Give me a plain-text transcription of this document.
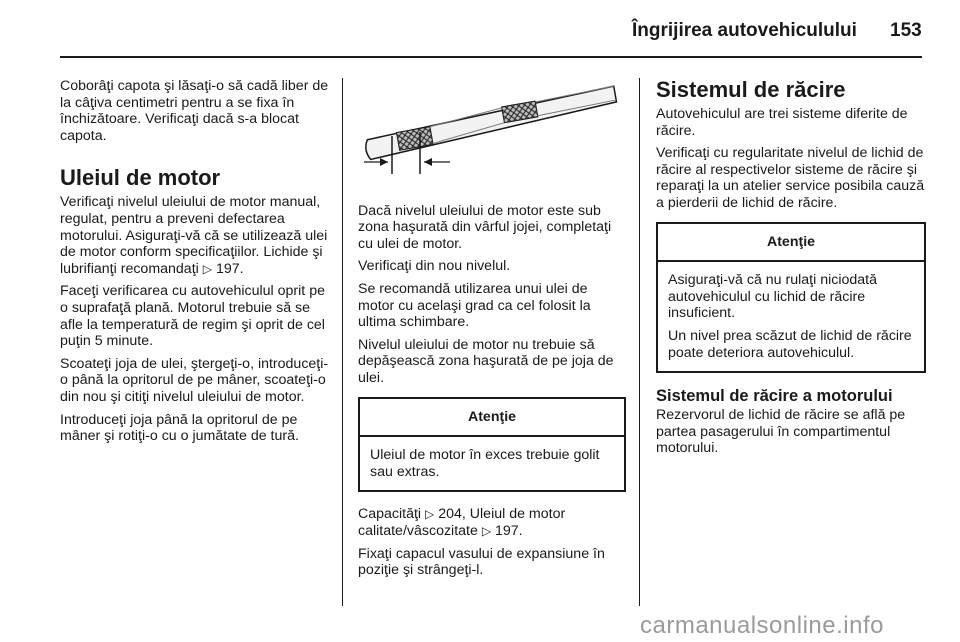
Îngrijirea autovehiculului 153

Coborâţi capota şi lăsaţi-o să cadă liber de la câţiva centimetri pentru a se fixa în închizătoare. Verificaţi dacă s-a blocat capota.

Uleiul de motor

Verificaţi nivelul uleiului de motor manual, regulat, pentru a preveni defectarea motorului. Asiguraţi-vă că se utilizează ulei de motor conform specificaţiilor. Lichide şi lubrifianţi recomandaţi ▷ 197.

Faceţi verificarea cu autovehiculul oprit pe o suprafaţă plană. Motorul trebuie să se afle la temperatură de regim şi oprit de cel puţin 5 minute.

Scoateţi joja de ulei, ştergeţi-o, introduceţi-o până la opritorul de pe mâner, scoateţi-o din nou şi citiţi nivelul uleiului de motor.

Introduceţi joja până la opritorul de pe mâner şi rotiţi-o cu o jumătate de tură.

Dacă nivelul uleiului de motor este sub zona haşurată din vârful jojei, completaţi cu ulei de motor.

Verificaţi din nou nivelul.

Se recomandă utilizarea unui ulei de motor cu acelaşi grad ca cel folosit la ultima schimbare.

Nivelul uleiului de motor nu trebuie să depăşească zona haşurată de pe joja de ulei.

Atenţie

Uleiul de motor în exces trebuie golit sau extras.

Capacităţi ▷ 204, Uleiul de motor calitate/vâscozitate ▷ 197.

Fixaţi capacul vasului de expansiune în poziţie şi strângeţi-l.

Sistemul de răcire

Autovehiculul are trei sisteme diferite de răcire.

Verificaţi cu regularitate nivelul de lichid de răcire al respectivelor sisteme de răcire şi reparaţi la un atelier service posibila cauză a pierderii de lichid de răcire.

Atenţie

Asiguraţi-vă că nu rulaţi niciodată autovehiculul cu lichid de răcire insuficient.

Un nivel prea scăzut de lichid de răcire poate deteriora autovehiculul.

Sistemul de răcire a motorului

Rezervorul de lichid de răcire se află pe partea pasagerului în compartimentul motorului.

carmanualsonline.info
